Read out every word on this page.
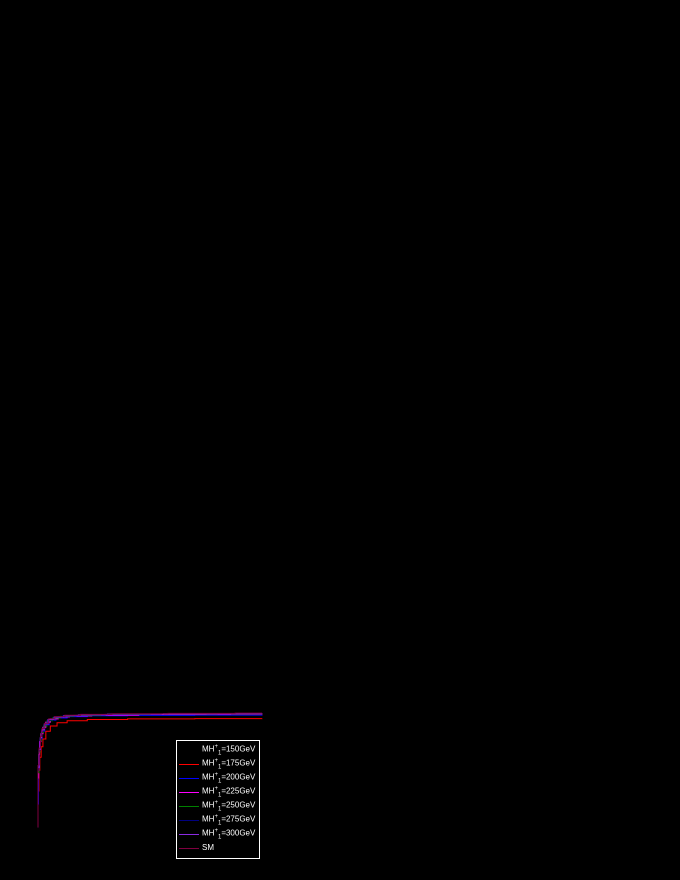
$MH^+_1=150GeV$
$MH^+_1=175GeV$
$MH^+_1=200GeV$
$MH^+_1=225GeV$
$MH^+_1=250GeV$
$MH^+_1=275GeV$
$MH^+_1=300GeV$
SM
